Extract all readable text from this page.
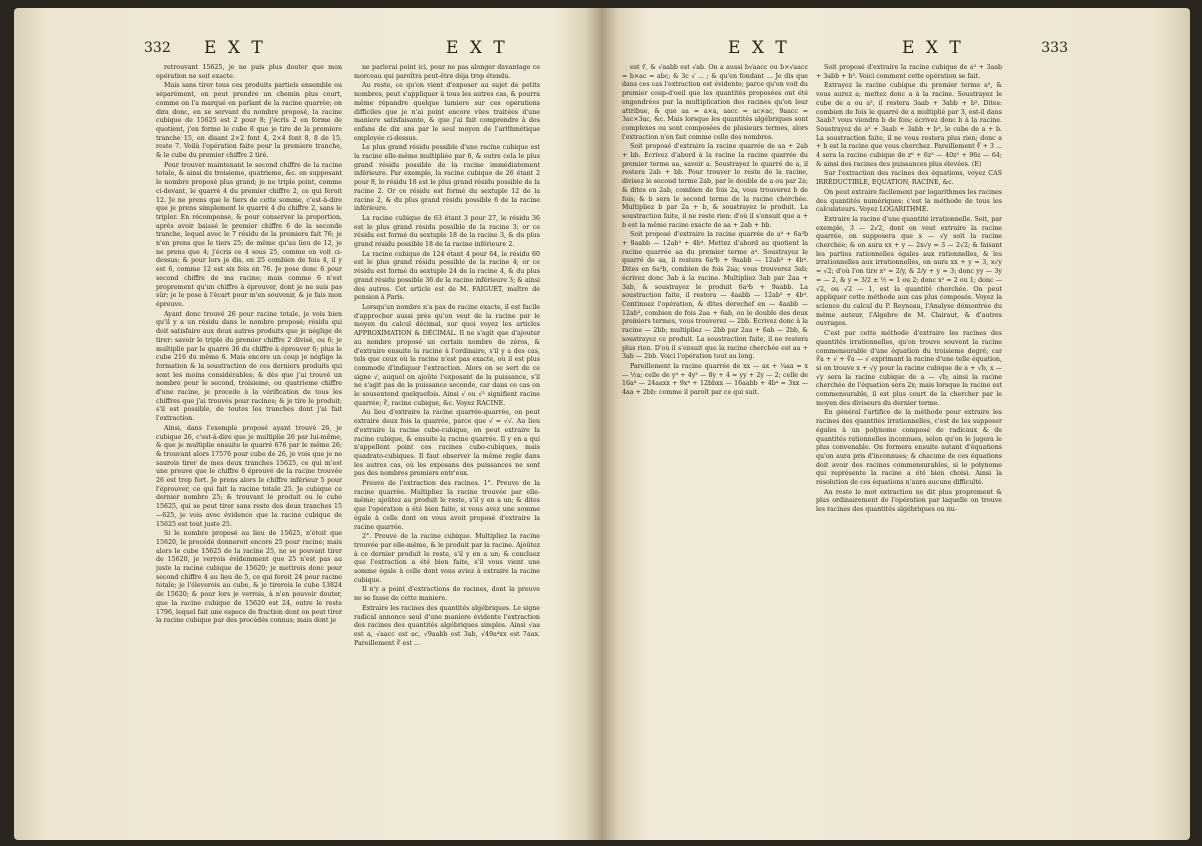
332 E X T	E X T

retrouvant 15625, je ne puis plus douter que mon opération ne soit exacte.

Mais sans tirer tous ces produits partiels ensemble ou séparément, on peut prendre un chemin plus court, comme on l'a marqué en parlant de la racine quarrée; on dira donc, en se servant du nombre proposé, la racine cubique de 15625 est 2 pour 8; j'écris 2 en forme de quotient, j'en forme le cube 8 que je tire de la premiere tranche 15, en disant 2×2 font 4, 2×4 font 8, 8 de 15, reste 7. Voilà l'opération faite pour la premiere tranche, & le cube du premier chiffre 2 tiré.

Pour trouver maintenant le second chiffre de la racine totale, & ainsi du troisieme, quatrieme, &c. en supposant le nombre proposé plus grand; je ne triple point, comme ci-devant, le quarré 4 du premier chiffre 2, ce qui feroit 12. Je ne prens que le tiers de cette somme, c'est-à-dire que je prens simplement le quarré 4 du chiffre 2, sans le tripler. En récompense, & pour conserver la proportion, après avoir baissé le premier chiffre 6 de la seconde tranche, lequel avec le 7 résidu de la premiere fait 76; je n'en prens que le tiers 25; de même qu'au lieu de 12, je ne prens que 4; j'écris ce 4 sous 25, comme on voit ci-dessus; & pour lors je dis, en 25 combien de fois 4, il y est 6, comme 12 est six fois en 76. Je pose donc 6 pour second chiffre de ma racine; mais comme 6 n'est proprement qu'un chiffre à éprouver, dont je ne suis pas sûr; je le pose à l'écart pour m'en souvenir, & je fais mon épreuve.

Ayant donc trouvé 26 pour racine totale, je vois bien qu'il y a un résidu dans le nombre proposé; résidu qui doit satisfaire aux deux autres produits que je néglige de tirer: savoir le triple du premier chiffre 2 divisé, ou 6; je multiplie par le quarré 36 du chiffre à éprouver 6; plus le cube 216 du même 6. Mais encore un coup je néglige la formation & la soustraction de ces derniers produits qui sont les moins considérables; & dès que j'ai trouvé un nombre pour le second, troisieme, ou quatrieme chiffre d'une racine, je procede à la vérification de tous les chiffres que j'ai trouvés pour racines; & je tire le produit; s'il est possible, de toutes les tranches dont j'ai fait l'extraction.

Ainsi, dans l'exemple proposé ayant trouvé 26, je cubique 26, c'est-à-dire que je multiplie 26 par lui-même, & que je multiplie ensuite le quarré 676 par le même 26; & trouvant alors 17576 pour cube de 26, je vois que je ne saurois tirer de mes deux tranches 15625, ce qui m'est une preuve que le chiffre 6 éprouvé de la racine trouvée 26 est trop fort. Je prens alors le chiffre inférieur 5 pour l'éprouver, ce qui fait la racine totale 25. Je cubique ce dernier nombre 25; & trouvant le produit ou le cube 15625, qui se peut tirer sans reste des deux tranches 15—625, je vois avec évidence que la racine cubique de 15625 est tout juste 25.

Si le nombre proposé au lieu de 15625, n'étoit que 15620, le procédé donneroit encore 25 pour racine; mais alors le cube 15625 de la racine 25, ne se pouvant tirer de 15620, je verrois évidemment que 25 n'est pas au juste la racine cubique de 15620; je mettrois donc pour second chiffre 4 au lieu de 5, ce qui feroit 24 pour racine totale; je l'éleverois au cube, & je tirerois le cube 13824 de 15620; & pour lors je verrois, à n'en pouvoir douter, que la racine cubique de 15620 est 24, outre le reste 1796, lequel fait une espece de fraction dont on peut tirer la racine cubique par des procédés connus; mais dont je

ne parlerai point ici, pour ne pas alonger davantage ce morceau qui paroîtra peut-être déja trop étendu.

Au reste, ce qu'on vient d'exposer au sujet de petits nombres, peut s'appliquer à tous les autres cas, & pourra même répandre quelque lumiere sur ces opérations difficiles que je n'ai point encore vûes traitées d'une maniere satisfaisante, & que j'ai fait comprendre à des enfans de dix ans par le seul moyen de l'arithmétique employée ci-dessus.

Le plus grand résidu possible d'une racine cubique est la racine elle-même multipliée par 6, & outre cela le plus grand résidu possible de la racine immédiatement inférieure. Par exemple, la racine cubique de 26 étant 2 pour 8, le résidu 18 est le plus grand résidu possible de la racine 2. Or ce résidu est formé du sextuple 12 de la racine 2, & du plus grand résidu possible 6 de la racine inférieure.

La racine cubique de 63 étant 3 pour 27, le résidu 36 est le plus grand résidu possible de la racine 3; or ce résidu est formé du sextuple 18 de la racine 3, & du plus grand résidu possible 18 de la racine inférieure 2.

La racine cubique de 124 étant 4 pour 64, le résidu 60 est le plus grand résidu possible de la racine 4; or ce résidu est formé du sextuple 24 de la racine 4, & du plus grand résidu possible 36 de la racine inférieure 3; & ainsi des autres. Cet article est de M. FAIGUET, maître de pension à Paris.

Lorsqu'un nombre n'a pas de racine exacte, il est facile d'approcher aussi près qu'on veut de la racine par le moyen du calcul décimal, sur quoi voyez les articles APPROXIMATION & DÉCIMAL. Il ne s'agit que d'ajouter au nombre proposé un certain nombre de zéros, & d'extraire ensuite la racine à l'ordinaire, s'il y a des cas, tels que ceux où la racine n'est pas exacte, où il est plus commode d'indiquer l'extraction. Alors on se sert de ce signe √, auquel on ajoûte l'exposant de la puissance, s'il ne s'agit pas de la puissance seconde, car dans ce cas on le sousentend quelquefois. Ainsi √ ou √² signifient racine quarrée; ∛, racine cubique, &c. Voyez RACINE.

Au lieu d'extraire la racine quarrée-quarrée, on peut extraire deux fois la quarrée, parce que √ = √√. Au lieu d'extraire la racine cubo-cubique, on peut extraire la racine cubique, & ensuite la racine quarrée. Il y en a qui n'appellent point ces racines cubo-cubiques, mais quadrato-cubiques. Il faut observer la même regle dans les autres cas, où les exposans des puissances ne sont pas des nombres premiers entr'eux.

Preuve de l'extraction des racines. 1°. Preuve de la racine quarrée. Multipliez la racine trouvée par elle-même; ajoûtez au produit le reste, s'il y en a un; & dites que l'opération a été bien faite, si vous avez une somme égale à celle dont on vous avoit proposé d'extraire la racine quarrée.

2°. Preuve de la racine cubique. Multipliez la racine trouvée par elle-même, & le produit par la racine. Ajoûtez à ce dernier produit le reste, s'il y en a un; & concluez que l'extraction a été bien faite, s'il vous vient une somme égale à celle dont vous aviez à extraire la racine cubique.

Il n'y a point d'extractions de racines, dont la preuve ne se fasse de cette maniere.

Extraire les racines des quantités algébriques. Le signe radical annonce seul d'une maniere évidente l'extraction des racines des quantités algébriques simples. Ainsi √aa est a, √aacc est ac, √9aabb est 3ab, √49a⁴xx est 7aax. Pareillement ∛ est ...

E X T	E X T	333

est ∛, & √aabb est √ab. On a aussi b√aacc ou b×√aacc = b×ac = abc; & 3c √ ... ; & qu'en fondant ... Je dis que dans ces cas l'extraction est évidente; parce qu'on voit du premier coup-d'oeil que les quantités proposées ont été engendrées par la multiplication des racines qu'on leur attribue, & que aa = a×a, aacc = ac×ac, 9aacc = 3ac×3ac, &c. Mais lorsque les quantités algébriques sont complexes ou sont composées de plusieurs termes, alors l'extraction n'en fait comme celle des nombres.

Soit proposé d'extraire la racine quarrée de aa + 2ab + bb. Ecrivez d'abord à la racine la racine quarrée du premier terme aa, savoir a. Soustrayez le quarré de a, il restera 2ab + bb. Pour trouver le reste de la racine, divisez le second terme 2ab, par le double de a ou par 2a; & dites en 2ab, combien de fois 2a, vous trouverez b de fois; & b sera le second terme de la racine cherchée. Multipliez b par 2a + b, & soustrayez le produit. La soustraction faite, il ne reste rien: d'où il s'ensuit que a + b est la même racine exacte de aa + 2ab + bb.

Soit proposé d'extraire la racine quarrée de a⁴ + 6a³b + 9aabb — 12ab³ + 4b⁴. Mettez d'abord au quotient la racine quarrée aa du premier terme a⁴. Soustrayez le quarré de aa, il restera 6a³b + 9aabb — 12ab³ + 4b⁴. Dites en 6a³b, combien de fois 2aa; vous trouverez 3ab; écrivez donc 3ab à la racine. Multipliez 3ab par 2aa + 3ab, & soustrayez le produit 6a³b + 9aabb. La soustraction faite, il restera — 4aabb — 12ab³ + 4b⁴. Continuez l'opération, & dites derechef en — 4aabb — 12ab³, combien de fois 2aa + 6ab, ou le double des deux premiers termes, vous trouverez — 2bb. Ecrivez donc à la racine — 2bb; multipliez — 2bb par 2aa + 6ab — 2bb, & soustrayez ce produit. La soustraction faite, il ne restera plus rien. D'où il s'ensuit que la racine cherchée est aa + 3ab — 2bb. Voici l'opération tout au long.

Pareillement la racine quarrée de xx — ax + ¼aa = x — ½a; celle de y⁴ + 4y³ — 8y + 4 = yy + 2y — 2; celle de 16a⁴ — 24aaxx + 9x⁴ + 12bbxx — 16aabb + 4b⁴ = 3xx — 4aa + 2bb: comme il paroît par ce qui suit.

Soit proposé d'extraire la racine cubique de a³ + 3aab + 3abb + b³. Voici comment cette opération se fait.

Extrayez la racine cubique du premier terme a³, & vous aurez a; mettez donc a à la racine. Soustrayez le cube de a ou a³, il restera 3aab + 3abb + b³. Dites: combien de fois le quarré de a multiplié par 3, est-il dans 3aab? vous viendra b de fois; écrivez donc b à la racine. Soustrayez de a³ + 3aab + 3abb + b³, le cube de a + b. La soustraction faite, il ne vous restera plus rien; donc a + b est la racine que vous cherchez. Pareillement ∛ + 3 ... 4 sera la racine cubique de z⁶ + 6z⁵ — 40z³ + 96z — 64; & ainsi des racines des puissances plus élevées. (E)

Sur l'extraction des racines des équations, voyez CAS IRRÉDUCTIBLE, EQUATION, RACINE, &c.

On peut extraire facilement par logarithmes les racines des quantités numériques; c'est la méthode de tous les calculateurs. Voyez LOGARITHME.

Extraire la racine d'une quantité irrationnelle. Soit, par exemple, 3 — 2√2, dont on veut extraire la racine quarrée, on supposera que x — √y soit la racine cherchée; & on aura xx + y — 2x√y = 3 — 2√2; & faisant les parties rationnelles égales aux rationnelles, & les irrationnelles aux irrationnelles, on aura xx + y = 3, x√y = √2; d'où l'on tire x² = 2/y, & 2/y + y = 3; donc yy — 3y = — 2, & y = 3/2 ± ½ = 1 ou 2; donc x² = 2 ou 1; donc — √2, ou √2 — 1, est la quantité cherchée. On peut appliquer cette méthode aux cas plus composés. Voyez la science du calcul du P. Reyneau, l'Analyse démontrée du même auteur, l'Algebre de M. Clairaut, & d'autres ouvrages.

C'est par cette méthode d'extraire les racines des quantités irrationnelles, qu'on trouve souvent la racine commensurable d'une équation du troisieme degré; car ∛a + √ + ∛a — √ exprimant la racine d'une telle équation, si on trouve x + √y pour la racine cubique de a + √b, x — √y sera la racine cubique de a — √b; ainsi la racine cherchée de l'équation sera 2x; mais lorsque la racine est commensurable, il est plus court de la chercher par le moyen des diviseurs du dernier terme.

En général l'artifice de la méthode pour extraire les racines des quantités irrationnelles, c'est de les supposer égales à un polynome composé de radicaux & de quantités rationnelles inconnues, selon qu'on le jugera le plus convenable. On formera ensuite autant d'équations qu'on aura pris d'inconnues; & chacune de ces équations doit avoir des racines commensurables, si le polynome qui représente la racine a été bien choisi. Ainsi la résolution de ces équations n'aura aucune difficulté.

Au reste le mot extraction ne dit plus proprement & plus ordinairement de l'opération par laquelle on trouve les racines des quantités algébriques ou nu-
